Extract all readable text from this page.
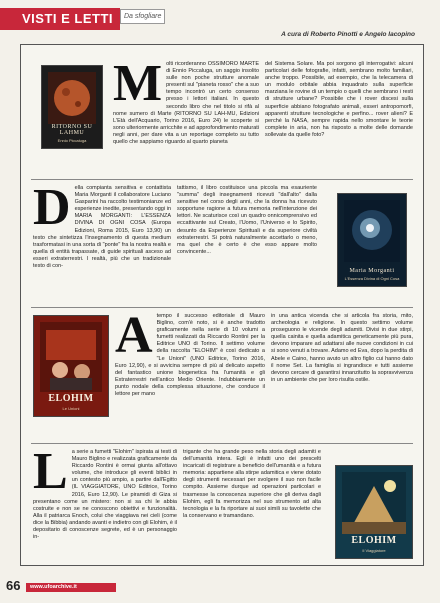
VISTI E LETTI	Da sfogliare
A cura di Roberto Pinotti e Angelo Iacopino
RITORNO SU LAHMU
Ennio Piccaluga

Molti ricorderanno OSSIMORO MARTE di Ennio Piccaluga, un saggio insolito sulle non poche strutture anomale presenti sul "pianeta rosso" che a suo tempo incontrò un certo consenso presso i lettori italiani. In questo secondo libro che nel titolo si rifà al nome sumero di Marte (RITORNO SU LAH-MU, Edizioni L'Età dell'Acquario, Torino 2016, Euro 24) le scoperte si sono ulteriormente arricchite e ad approfondimento maturati negli anni, per dare vita a un reportage completo su tutto quello che sappiamo riguardo al quarto pianeta

del Sistema Solare. Ma poi sorgono gli interrogativi: alcuni particolari delle fotografie, infatti, sembrano molto familiari, anche troppo. Possibile, ad esempio, che la telecamera di un modulo orbitale abbia inquadrato sulla superficie marziana le rovine di un tempio o quelli che sembrano i resti di strutture urbane? Possibile che i rover discesi sulla superficie abbiano fotografato animali, esseri antropomorfi, apparenti strutture tecnologiche e perfino... rover alieni? E perché la NASA, sempre rapida nello smontare le teorie complete in aria, non ha risposto a molte delle domande sollevate da quelle foto?

Della compianta sensitiva e contattista Maria Morganti il collaboratore Luciano Gasparini ha raccolto testimonianze ed esperienze inedite, presentando oggi in MARIA MORGANTI: L'ESSENZA DIVINA DI OGNI COSA (Europa Edizioni, Roma 2015, Euro 13,90) un testo che sintetizza l'insegnamento di questa medium trasformatasi in una sorta di "ponte" fra la nostra realtà e quella di entità trapassate, di guide spirituali asceso ad esseri extraterrestri. I realtà, più che un tradizionale testo di con-

tattismo, il libro costituisce una piccola ma esauriente "summa" degli insegnamenti ricevuti "dall'alto" dalla sensitive nel corso degli anni, che la donna ha ricevuto sopportune ragione a futura memoria nell'intenzione dei lettori. Ne scaturisce così un quadro onnicomprensivo ed eccattivante sul Creato, l'Uomo, l'Universo e lo Spirito, desunto da Esperienze Spirituali e da superiore civiltà extraterrestri. Si potrà naturalmente accettarlo o meno, ma quel che è certo è che esso appare molto convincente...

Maria Morganti
L'Essenza Divina di Ogni Cosa
ELOHIM
Le Unioni

A tempo il successo editoriale di Mauro Biglino, com'è noto, si è anche tradotto graficamente nella serie di 10 volumi a fumetti realizzati da Riccardo Rontini per la Editrice UNO di Torino. Il settimo volume della raccolta "ELOHIM" è così dedicato a "Le Unioni" (UNO Editrice, Torino 2016, Euro 12,90), e si avvicina sempre di più al delicato aspetto del fantastico unione biogenetica fra l'umanità e gli Extraterrestri nell'antico Medio Oriente. Indubbiamente un punto nodale della complessa situazione, che conduce il lettore per mano

in una antica vicenda che si articola fra storia, mito, archeologia e religione. In questo settimo volume proseguono le vicende degli adamiti. Divisi in due stirpi, quella cainita e quella adamitica geneticamente più pura, devono imparare ad adattarsi alle nuove condizioni in cui si sono venuti a trovare. Adamo ed Eva, dopo la perdita di Abele e Caino, hanno avuto un altro figlio cui hanno dato il nome Set. La famiglia si ingrandisce e tutti assieme devono cercare di garantirsi innanzitutto la sopravvivenza in un ambiente che per loro risulta ostile.

La serie a fumetti "Elohim" ispirata ai testi di Mauro Biglino e realizzata graficamente da Riccardo Rontini è ormai giunta all'ottavo volume, che introduce gli eventi biblici in un contesto più ampio, a partire dall'Egitto (IL VIAGGIATORE, UNO Editrice, Torino 2016, Euro 12,90). Le piramidi di Giza si presentano come un mistero: non si sa chi le abbia costruite e non se ne conoscono obiettivi e funzionalità. Alla il patriarca Enoch, colui che viaggiava nei cieli (come dice la Bibbia) andando avanti e indietro con gli Elohim, è il depositario di conoscenze segrete, ed è un personaggio in-

trigante che ha grande peso nella storia degli adamiti e dell'umanità intera. Egli è infatti uno dei prescelti incaricati di registrare a beneficio dell'umanità e a futura memoria: appartiene alla stirpe adamitica e viene dotato degli strumenti necessari per svolgere il suo non facile compito. Assieme durque ad operazioni particolari e trasmesse la conoscenza superiore che gli deriva dagli Elohim, egli fa memorizza nel suo strumento ad alta tecnologia e la fa riportare ai suoi simili su tavolette che la conservano e tramandano.

ELOHIM
Il Viaggiatore
66	www.ufoarchive.it
